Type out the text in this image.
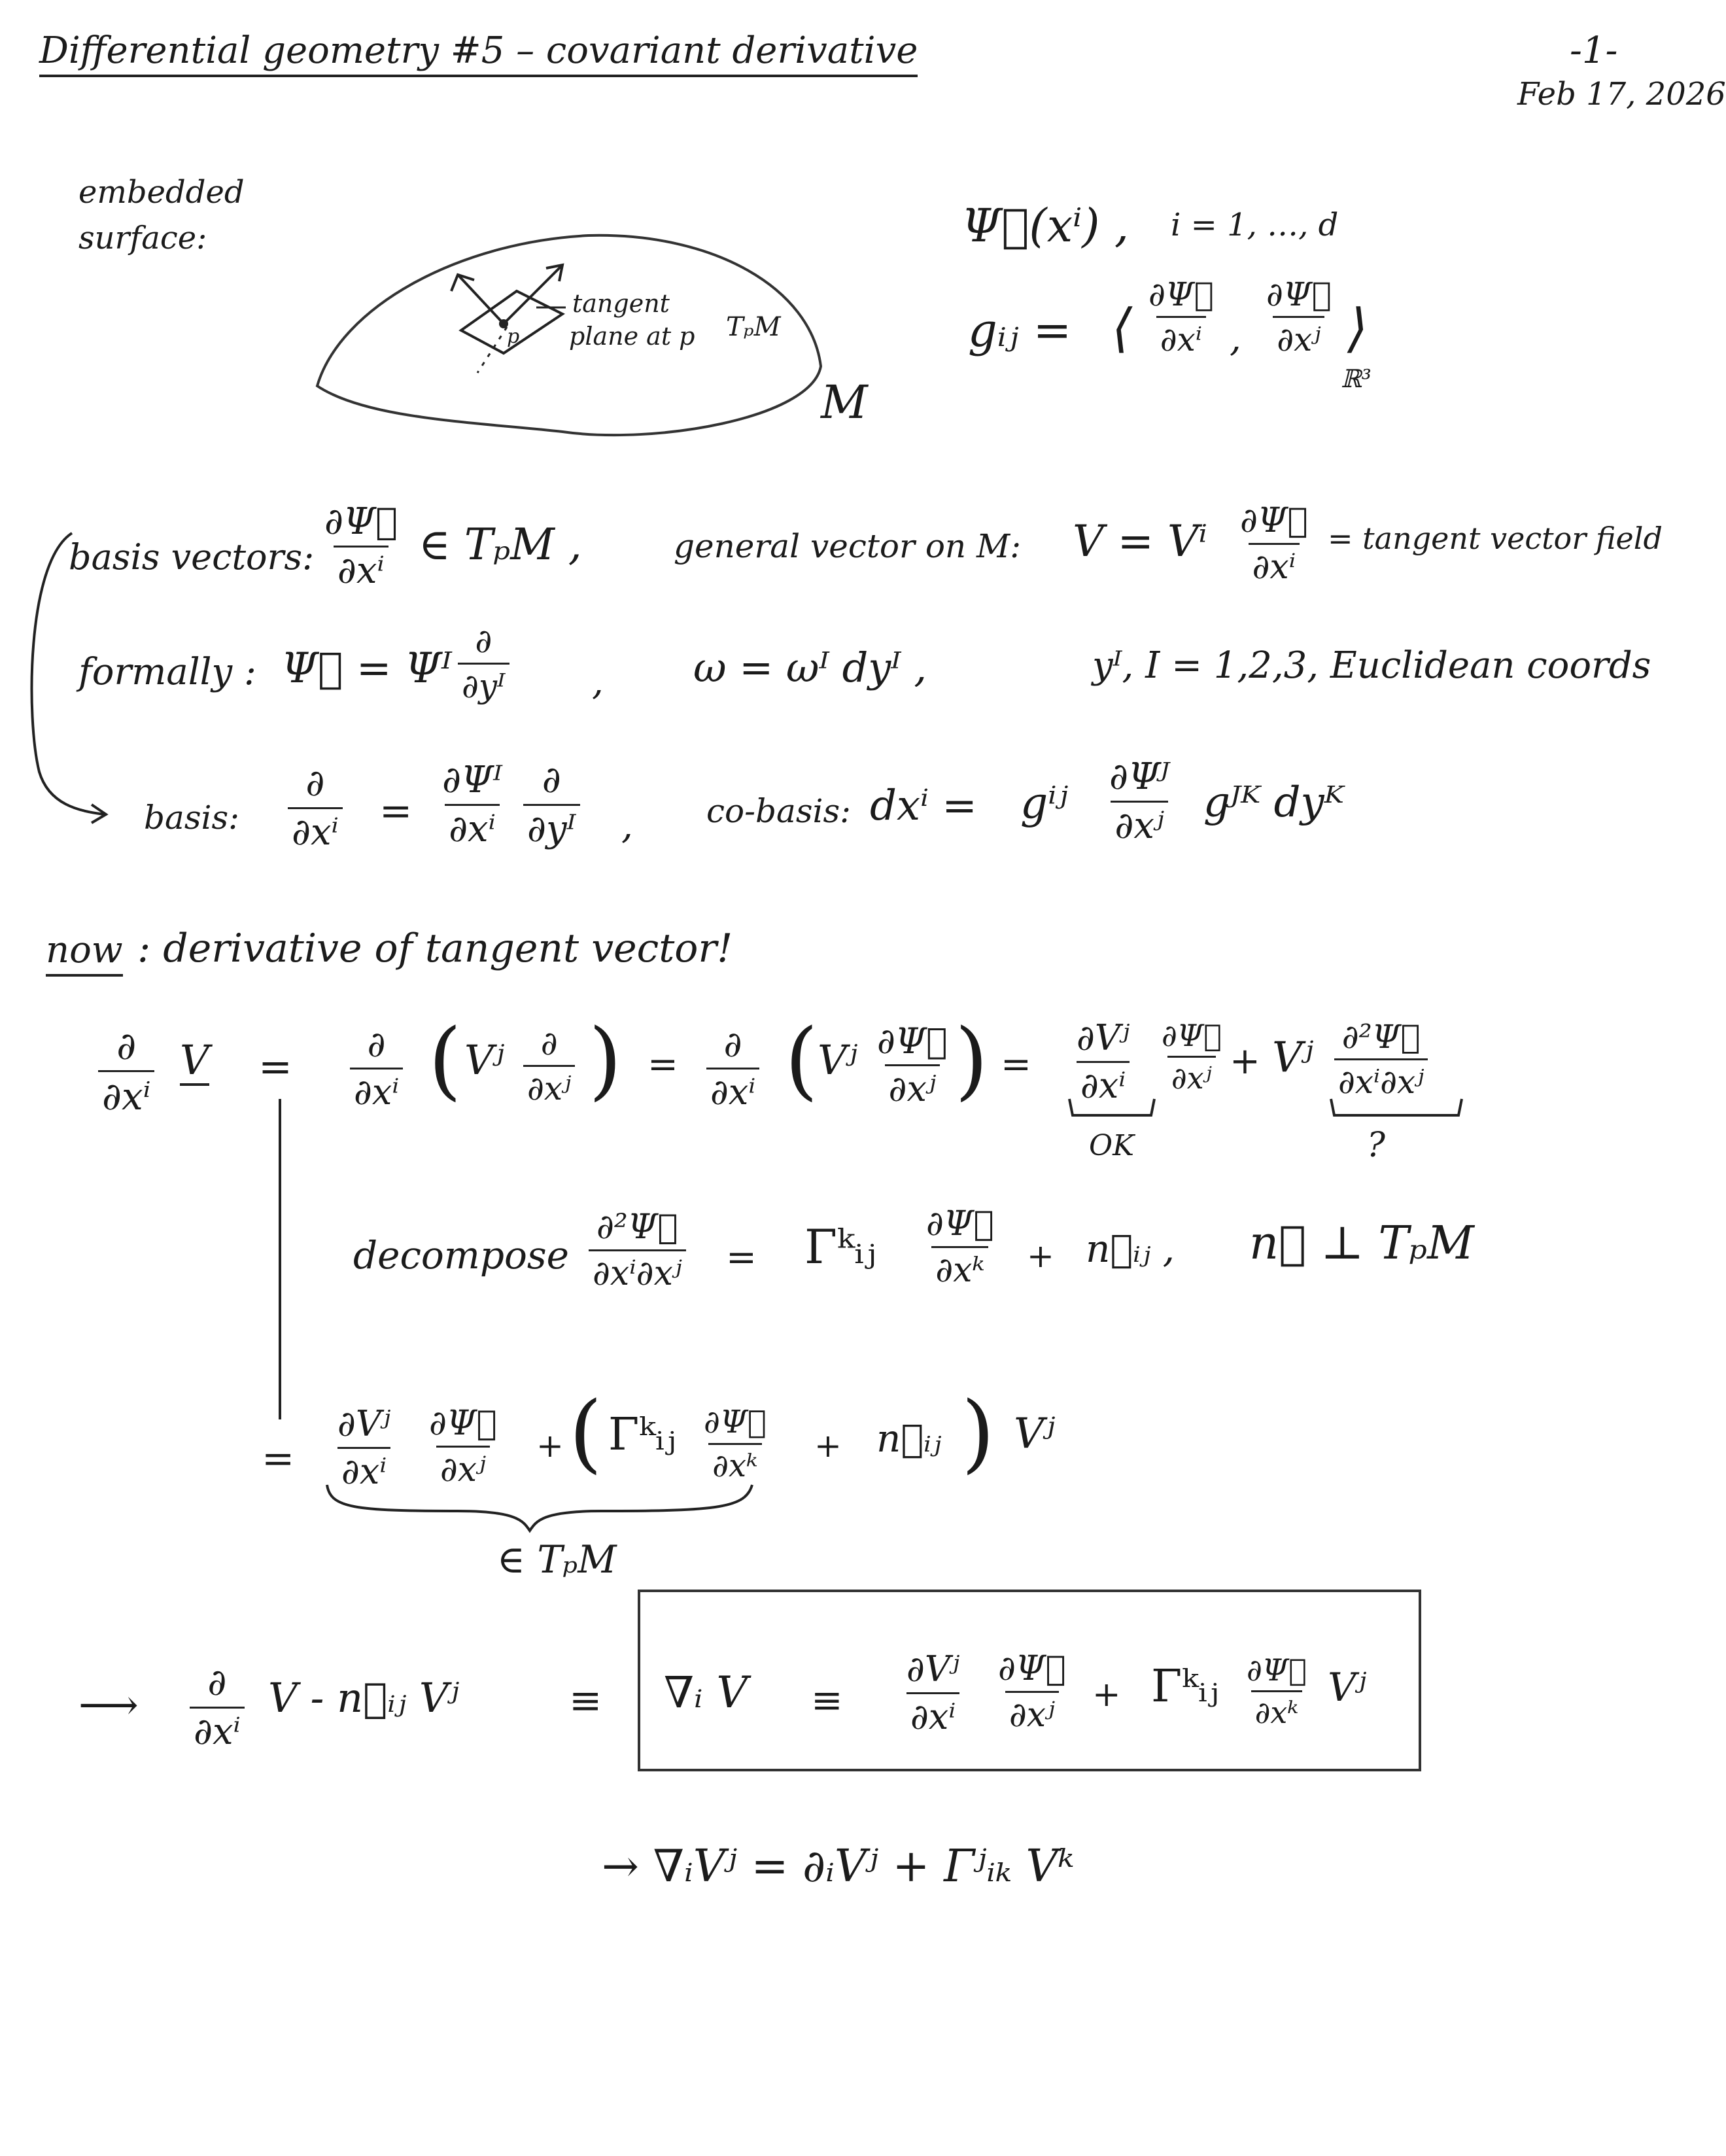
Differential geometry #5 – covariant derivative	-1-
Feb 17, 2026
embedded
surface:
p
tangent
plane at p TₚM
M
Ψ⃗(xⁱ) , i = 1, …, d
gᵢⱼ = ⟨ $\frac{\partial\Psi⃗}{\text{∂xⁱ}}$ , $\frac{\partial\Psi⃗}{\text{∂xʲ}}$ ⟩
ℝ³
basis vectors: $\frac{\partial\Psi⃗}{\text{∂xⁱ}}$ ∈ TₚM ,	general vector on M: V = Vⁱ $\frac{\partial\Psi⃗}{\text{∂xⁱ}}$ = tangent vector field
formally : Ψ⃗ = Ψᴵ
∂
∂yᴵ , ω = ωᴵ dyᴵ ,	yᴵ, I = 1,2,3, Euclidean coords
basis:
∂
$\partial x^i = \frac{\text{∂Ψᴵ}}{\text{∂xⁱ}}$ ∂
∂yᴵ , co-basis: dxⁱ = gⁱʲ $\frac{\text{∂Ψᴶ}}{\text{∂xʲ}}$ gᴶᴷ dyᴷ
now : derivative of tangent vector!
∂
∂xⁱ
V = ∂
∂xⁱ ( Vʲ ∂
∂xʲ ) = ∂
∂xⁱ ( Vʲ $\frac{\partial\Psi⃗}{\text{∂xʲ}}$ ) = $\frac{\text{∂Vʲ}}{\text{∂xⁱ}} \frac{\partial\Psi⃗}{\text{∂xʲ}}$ + Vʲ $\frac{\text{∂²Ψ⃗}}{\text{∂xⁱ∂xʲ}}$
OK	?
decompose $\frac{\text{∂²Ψ⃗}}{\text{∂xⁱ∂xʲ}}$ = Γᵏᵢⱼ $\frac{\partial\Psi⃗}{\text{∂xᵏ}}$ + n⃗ᵢⱼ , n⃗ ⊥ TₚM
= $\frac{\text{∂Vʲ}}{\text{∂xⁱ}} \frac{\partial\Psi⃗}{\text{∂xʲ}}$ + ( Γᵏᵢⱼ $\frac{\partial\Psi⃗}{\text{∂xᵏ}}$ + n⃗ᵢⱼ ) Vʲ
∈ TₚM
⟶ ∂
∂xⁱ
V - n⃗ᵢⱼ Vʲ	≡ ∇ᵢ $V \equiv \frac{\text{∂Vʲ}}{\text{∂xⁱ}} \frac{\partial\Psi⃗}{\text{∂xʲ}}$ + Γᵏᵢⱼ $\frac{\partial\Psi⃗}{\text{∂xᵏ}}$ Vʲ
→ ∇ᵢVʲ = ∂ᵢVʲ + Γʲᵢₖ Vᵏ
